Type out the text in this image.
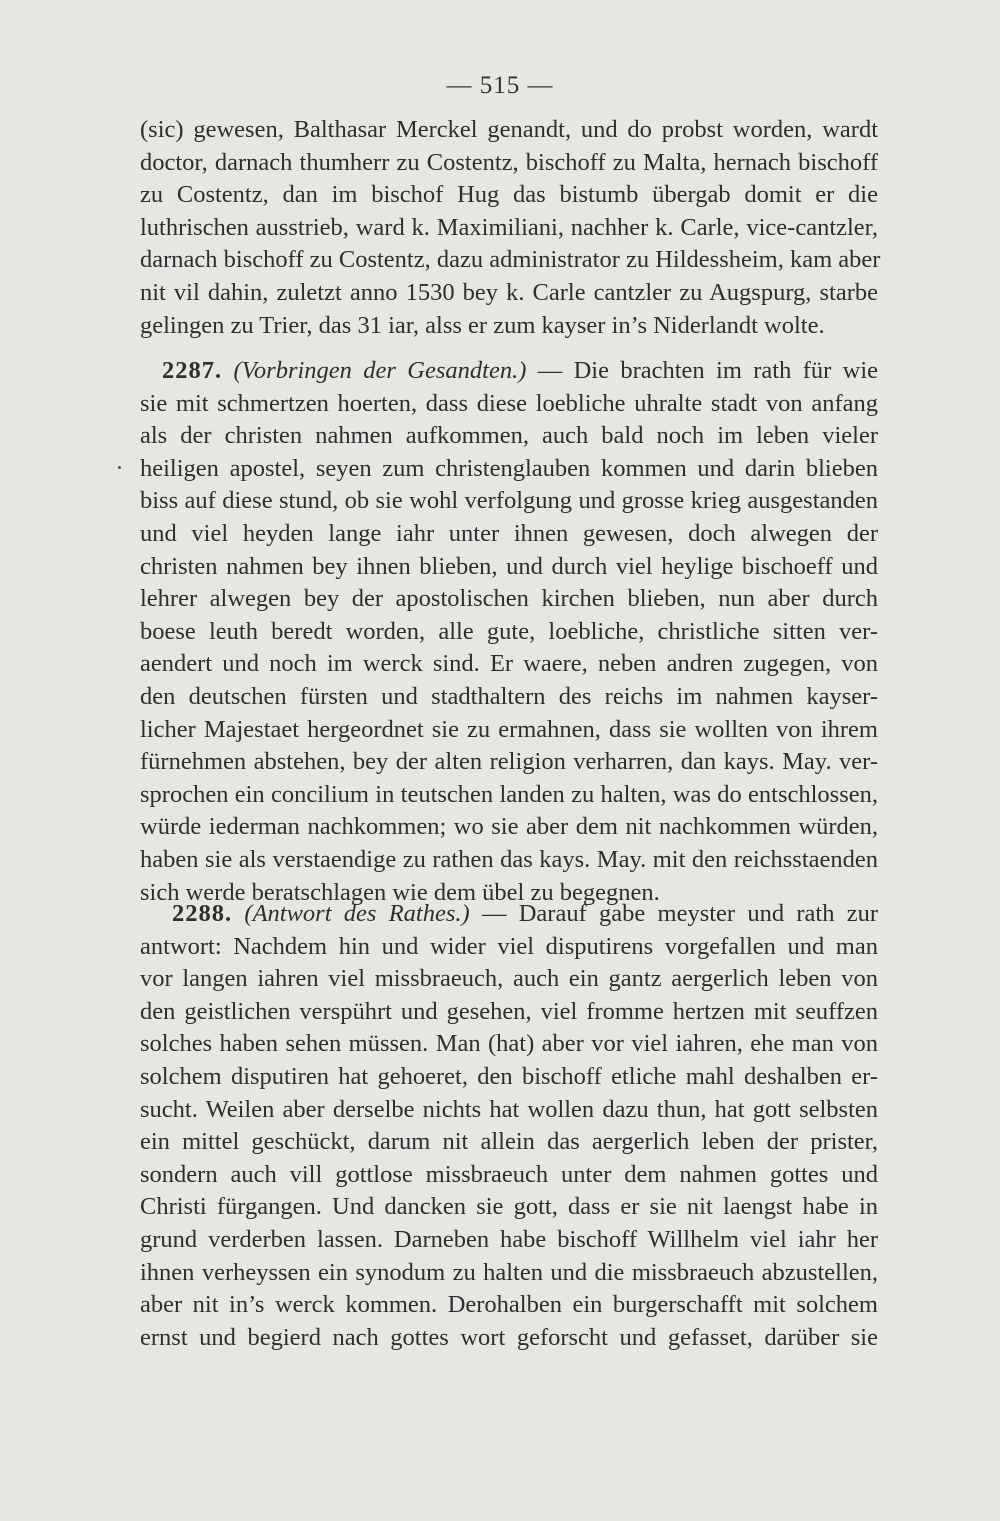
— 515 —
(sic) gewesen, Balthasar Merckel genandt, und do probst worden, wardt
doctor, darnach thumherr zu Costentz, bischoff zu Malta, hernach bischoff
zu Costentz, dan im bischof Hug das bistumb übergab domit er die
luthrischen ausstrieb, ward k. Maximiliani, nachher k. Carle, vice-cantzler,
darnach bischoff zu Costentz, dazu administrator zu Hildessheim, kam aber
nit vil dahin, zuletzt anno 1530 bey k. Carle cantzler zu Augspurg, starbe
gelingen zu Trier, das 31 iar, alss er zum kayser in’s Niderlandt wolte.
2287. (Vorbringen der Gesandten.) — Die brachten im rath für wie
sie mit schmertzen hoerten, dass diese loebliche uhralte stadt von anfang
als der christen nahmen aufkommen, auch bald noch im leben vieler
heiligen apostel, seyen zum christenglauben kommen und darin blieben
biss auf diese stund, ob sie wohl verfolgung und grosse krieg ausgestanden
und viel heyden lange iahr unter ihnen gewesen, doch alwegen der
christen nahmen bey ihnen blieben, und durch viel heylige bischoeff und
lehrer alwegen bey der apostolischen kirchen blieben, nun aber durch
boese leuth beredt worden, alle gute, loebliche, christliche sitten ver-
aendert und noch im werck sind. Er waere, neben andren zugegen, von
den deutschen fürsten und stadthaltern des reichs im nahmen kayser-
licher Majestaet hergeordnet sie zu ermahnen, dass sie wollten von ihrem
fürnehmen abstehen, bey der alten religion verharren, dan kays. May. ver-
sprochen ein concilium in teutschen landen zu halten, was do entschlossen,
würde iederman nachkommen; wo sie aber dem nit nachkommen würden,
haben sie als verstaendige zu rathen das kays. May. mit den reichsstaenden
sich werde beratschlagen wie dem übel zu begegnen.
2288. (Antwort des Rathes.) — Darauf gabe meyster und rath zur
antwort: Nachdem hin und wider viel disputirens vorgefallen und man
vor langen iahren viel missbraeuch, auch ein gantz aergerlich leben von
den geistlichen verspührt und gesehen, viel fromme hertzen mit seuffzen
solches haben sehen müssen. Man (hat) aber vor viel iahren, ehe man von
solchem disputiren hat gehoeret, den bischoff etliche mahl deshalben er-
sucht. Weilen aber derselbe nichts hat wollen dazu thun, hat gott selbsten
ein mittel geschückt, darum nit allein das aergerlich leben der prister,
sondern auch vill gottlose missbraeuch unter dem nahmen gottes und
Christi fürgangen. Und dancken sie gott, dass er sie nit laengst habe in
grund verderben lassen. Darneben habe bischoff Willhelm viel iahr her
ihnen verheyssen ein synodum zu halten und die missbraeuch abzustellen,
aber nit in’s werck kommen. Derohalben ein burgerschafft mit solchem
ernst und begierd nach gottes wort geforscht und gefasset, darüber sie
